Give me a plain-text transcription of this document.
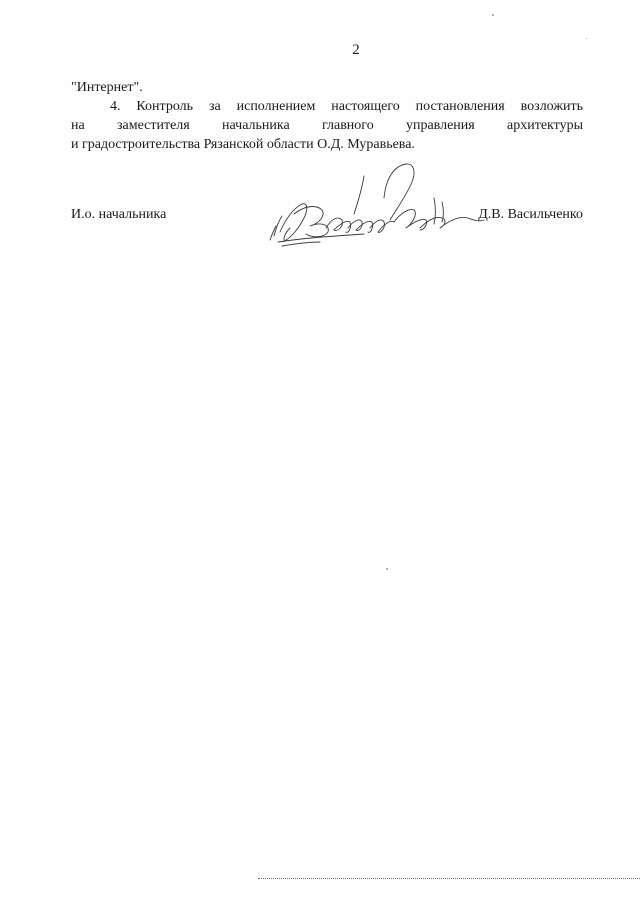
2
"Интернет".
4. Контроль за исполнением настоящего постановления возложить
на заместителя начальника главного управления архитектуры
и градостроительства Рязанской области О.Д. Муравьева.
И.о. начальника	Д.В. Васильченко
